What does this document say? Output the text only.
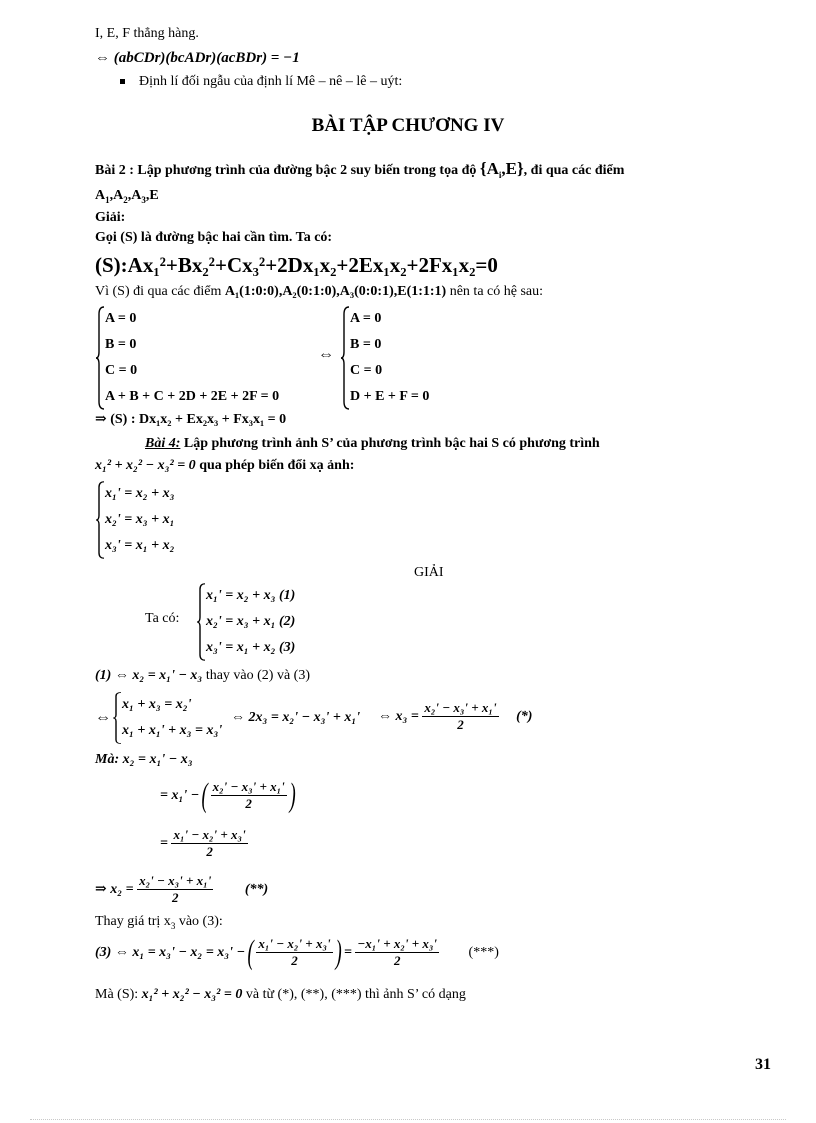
I, E, F thẳng hàng.
⇔ (abCDr)(bcADr)(acBDr) = −1
Định lí đối ngẫu của định lí Mê – nê – lê – uýt:
BÀI TẬP CHƯƠNG IV
Bài 2 : Lập phương trình của đường bậc 2 suy biến trong tọa độ $\{A_i,E\}$, đi qua các điểm
$A_1,A_2,A_3,E$
Giải:
Gọi (S) là đường bậc hai cần tìm. Ta có:
(S):Ax₁²+Bx₂²+Cx₃²+2Dx₁x₂+2Ex₁x₂+2Fx₁x₂=0
Vì (S) đi qua các điểm A₁(1:0:0),A₂(0:1:0),A₃(0:0:1),E(1:1:1) nên ta có hệ sau:
A = 0
B = 0
C = 0
A + B + C + 2D + 2E + 2F = 0
⇔
A = 0
B = 0
C = 0
D + E + F = 0
⇒ (S) : Dx₁x₂ + Ex₂x₃ + Fx₃x₁ = 0
Bài 4: Lập phương trình ảnh S’ của phương trình bậc hai S có phương trình
x₁² + x₂² − x₃² = 0 qua phép biến đổi xạ ảnh:
x₁' = x₂ + x₃
x₂' = x₃ + x₁
x₃' = x₁ + x₂
GIẢI
Ta có:
x₁' = x₂ + x₃ (1)
x₂' = x₃ + x₁ (2)
x₃' = x₁ + x₂ (3)
(1) ⇔ x₂ = x₁' − x₃ thay vào (2) và (3)
⇔
x₁ + x₃ = x₂'
x₁ + x₁' + x₃ = x₃'
⇔ 2x₃ = x₂' − x₃' + x₁' ⇔ $x_3 = \frac{\text{x₂' − x₃' + x₁'}}{2}$ (*)
Mà: x₂ = x₁' − x₃
= x₁' −( $\frac{\text{x₂' − x₃' + x₁'}}{2}$ )
= $\frac{\text{x₁' − x₂' + x₃'}}{2}$
⇒ $x_2 = \frac{\text{x₂' − x₃' + x₁'}}{2}$ (**)
Thay giá trị $x_3$ vào (3):
(3) ⇔ x₁ = x₃' − x₂ = x₃' −( $\frac{\text{x₁' − x₂' + x₃'}}{2}$ ) = $\frac{\text{−x₁' + x₂' + x₃'}}{2}$ (***)
Mà (S): x₁² + x₂² − x₃² = 0 và từ (*), (**), (***) thì ảnh S’ có dạng
31
